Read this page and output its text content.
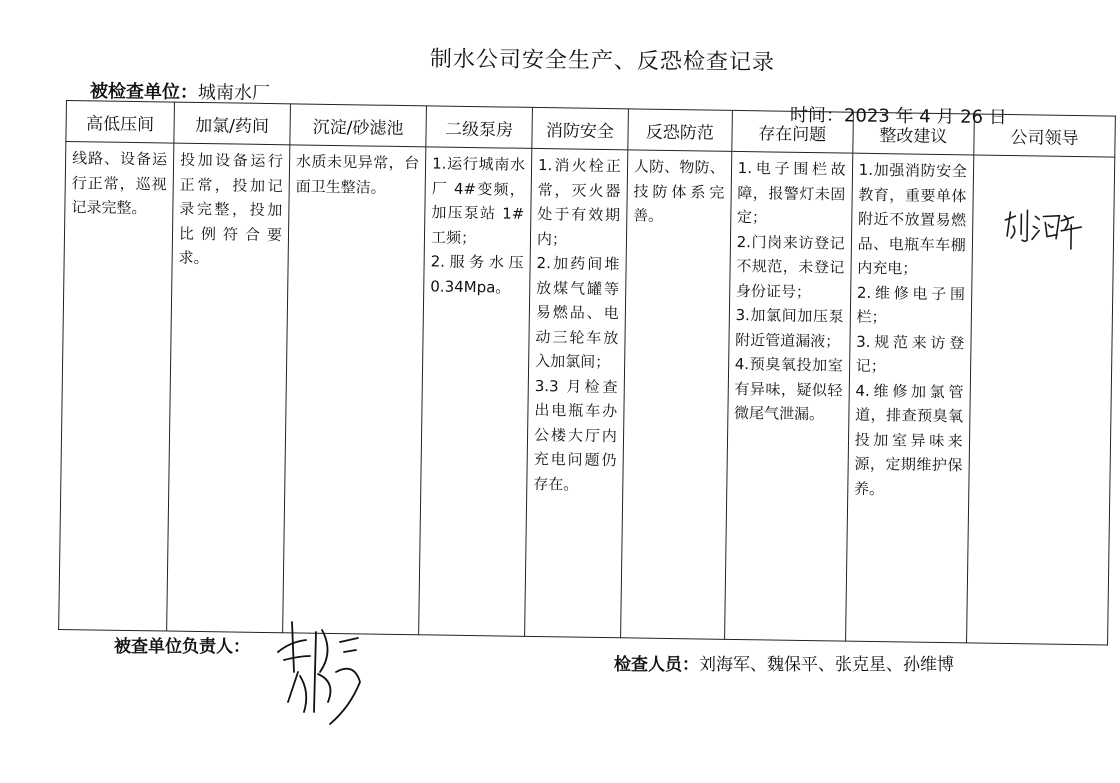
制水公司安全生产、反恐检查记录
被检查单位：城南水厂
时间：2023 年 4 月 26 日
高低压间	加氯/药间	沉淀/砂滤池	二级泵房	消防安全	反恐防范	存在问题	整改建议	公司领导

线路、设备运行正常，巡视记录完整。	投加设备运行正常，投加记录完整，投加比例符合要求。	水质未见异常，台面卫生整洁。	1.运行城南水厂 4#变频，加压泵站 1#工频；
2.服务水压 0.34Mpa。	1.消火栓正常，灭火器处于有效期内；
2.加药间堆放煤气罐等易燃品、电动三轮车放入加氯间；
3.3 月检查出电瓶车办公楼大厅内充电问题仍存在。	人防、物防、技防体系完善。	1.电子围栏故障，报警灯未固定；
2.门岗来访登记不规范，未登记身份证号；
3.加氯间加压泵附近管道漏液；
4.预臭氧投加室有异味，疑似轻微尾气泄漏。	1.加强消防安全教育，重要单体附近不放置易燃品、电瓶车车棚内充电；
2.维修电子围栏；
3.规范来访登记；
4.维修加氯管道，排查预臭氧投加室异味来源，定期维护保养。

被查单位负责人：
检查人员：刘海军、魏保平、张克星、孙维博
